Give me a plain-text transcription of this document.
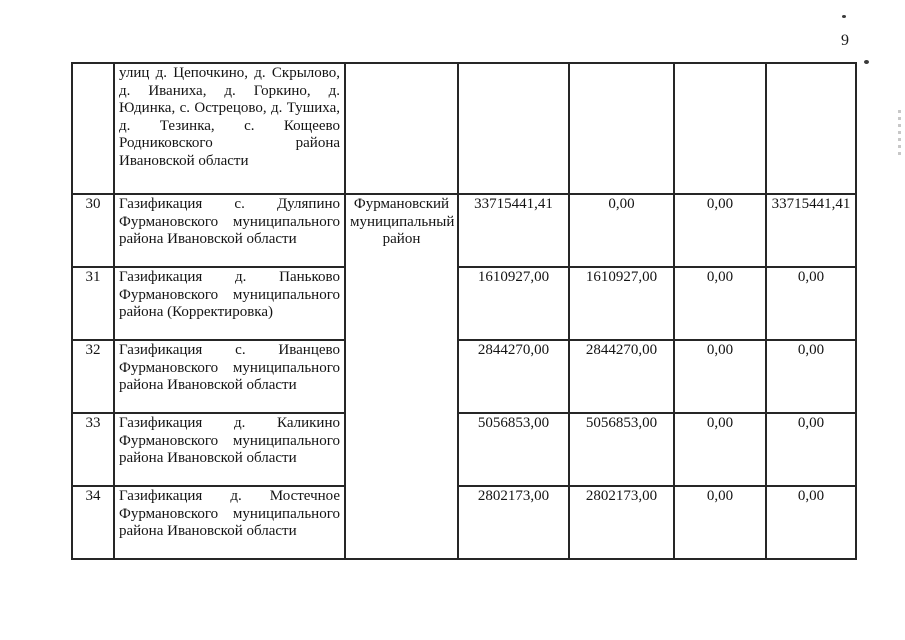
9
	улиц д. Цепочкино, д. Скрылово, д. Иваниха, д. Горкино, д. Юдинка, с. Острецово, д. Тушиха, д. Тезинка, с. Кощеево Родниковского района Ивановской области					
30	Газификация с. Дуляпино Фурмановского муниципального района Ивановской области	Фурмановский муниципальный район	33715441,41	0,00	0,00	33715441,41
31	Газификация д. Паньково Фурмановского муниципального района (Корректировка)		1610927,00	1610927,00	0,00	0,00
32	Газификация с. Иванцево Фурмановского муниципального района Ивановской области		2844270,00	2844270,00	0,00	0,00
33	Газификация д. Каликино Фурмановского муниципального района Ивановской области		5056853,00	5056853,00	0,00	0,00
34	Газификация д. Мостечное Фурмановского муниципального района Ивановской области		2802173,00	2802173,00	0,00	0,00
